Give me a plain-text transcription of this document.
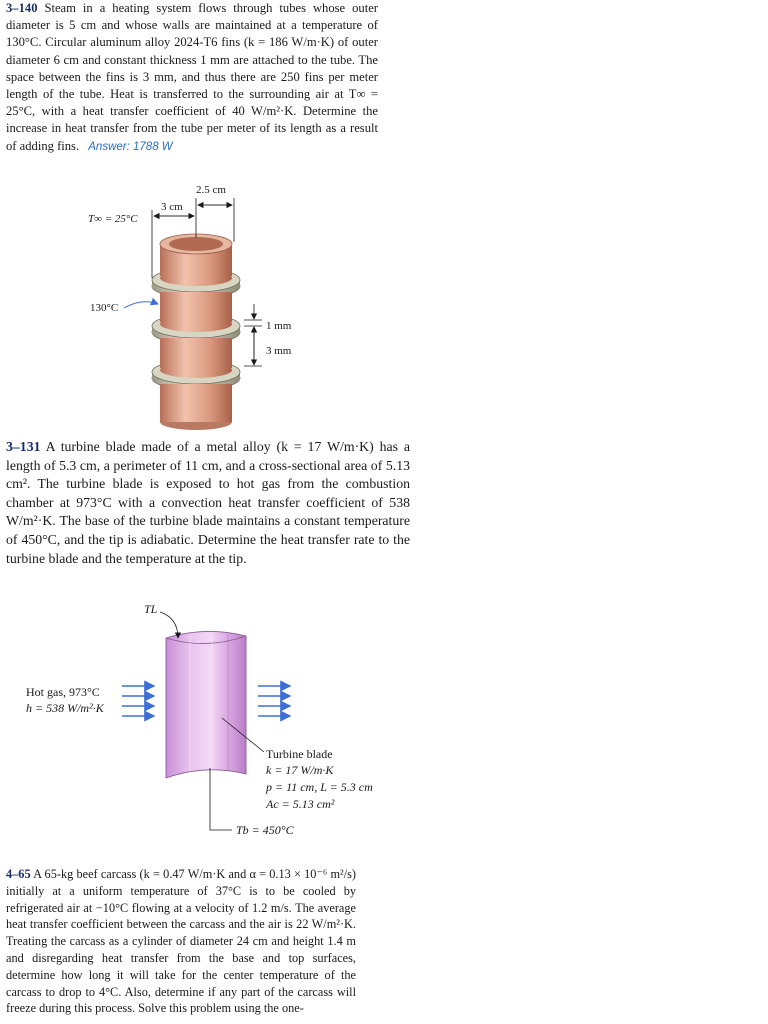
3–140 Steam in a heating system flows through tubes whose outer diameter is 5 cm and whose walls are maintained at a temperature of 130°C. Circular aluminum alloy 2024-T6 fins (k = 186 W/m·K) of outer diameter 6 cm and constant thickness 1 mm are attached to the tube. The space between the fins is 3 mm, and thus there are 250 fins per meter length of the tube. Heat is transferred to the surrounding air at T∞ = 25°C, with a heat transfer coefficient of 40 W/m²·K. Determine the increase in heat transfer from the tube per meter of its length as a result of adding fins. Answer: 1788 W

2.5 cm
3 cm
T∞ = 25°C
130°C
1 mm
3 mm

3–131 A turbine blade made of a metal alloy (k = 17 W/m·K) has a length of 5.3 cm, a perimeter of 11 cm, and a cross-sectional area of 5.13 cm². The turbine blade is exposed to hot gas from the combustion chamber at 973°C with a convection heat transfer coefficient of 538 W/m²·K. The base of the turbine blade maintains a constant temperature of 450°C, and the tip is adiabatic. Determine the heat transfer rate to the turbine blade and the temperature at the tip.

TL
Hot gas, 973°C
h = 538 W/m²·K
Turbine blade
k = 17 W/m·K
p = 11 cm, L = 5.3 cm
Ac = 5.13 cm²
Tb = 450°C

4–65 A 65-kg beef carcass (k = 0.47 W/m·K and α = 0.13 × 10⁻⁶ m²/s) initially at a uniform temperature of 37°C is to be cooled by refrigerated air at −10°C flowing at a velocity of 1.2 m/s. The average heat transfer coefficient between the carcass and the air is 22 W/m²·K. Treating the carcass as a cylinder of diameter 24 cm and height 1.4 m and disregarding heat transfer from the base and top surfaces, determine how long it will take for the center temperature of the carcass to drop to 4°C. Also, determine if any part of the carcass will freeze during this process. Solve this problem using the one-
